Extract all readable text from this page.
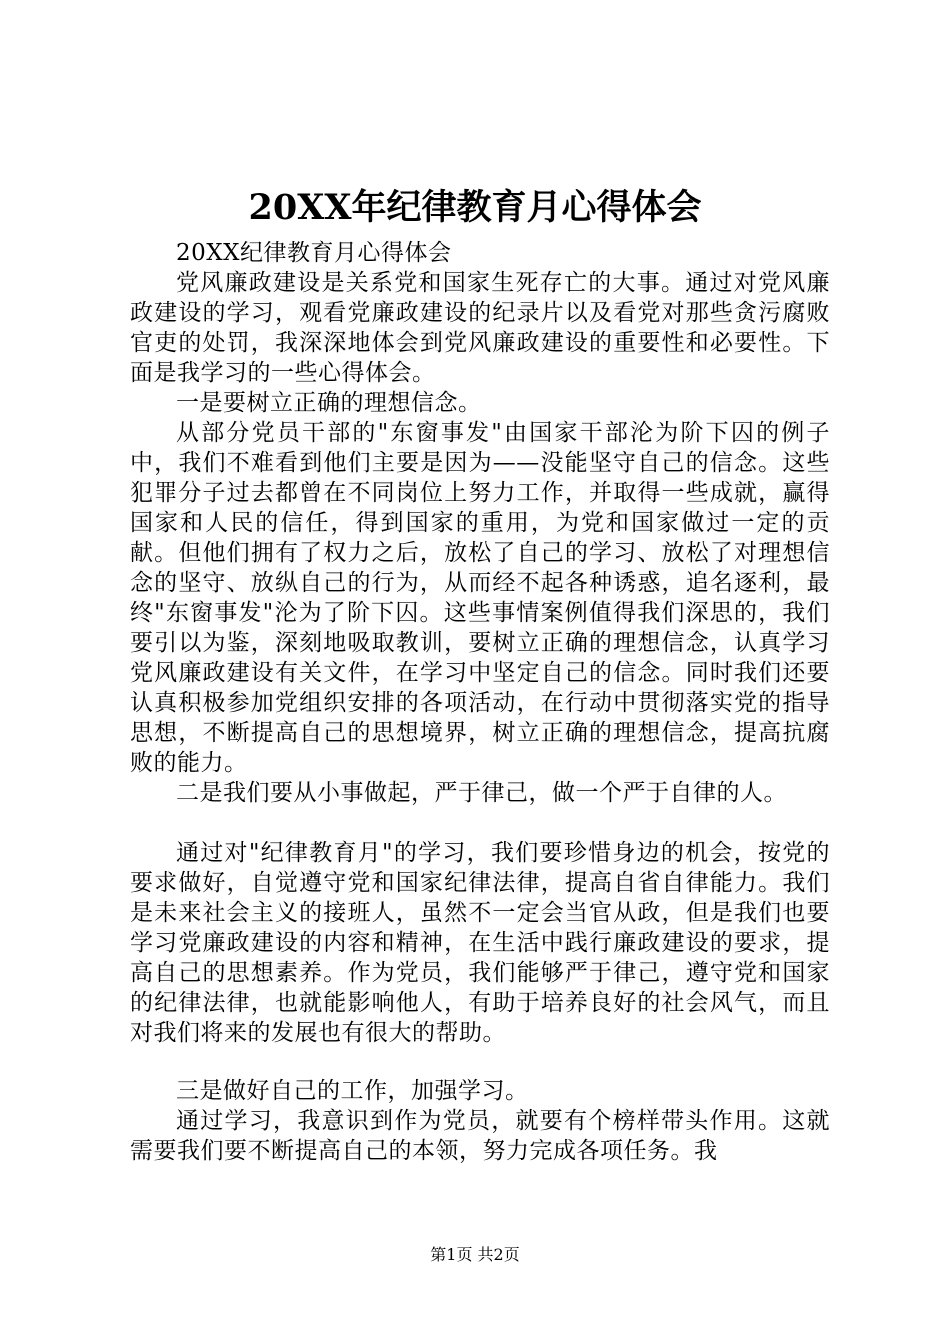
20XX年纪律教育月心得体会

20XX纪律教育月心得体会

党风廉政建设是关系党和国家生死存亡的大事。通过对党风廉政建设的学习，观看党廉政建设的纪录片以及看党对那些贪污腐败官吏的处罚，我深深地体会到党风廉政建设的重要性和必要性。下面是我学习的一些心得体会。

一是要树立正确的理想信念。

从部分党员干部的"东窗事发"由国家干部沦为阶下囚的例子中，我们不难看到他们主要是因为——没能坚守自己的信念。这些犯罪分子过去都曾在不同岗位上努力工作，并取得一些成就，赢得国家和人民的信任，得到国家的重用，为党和国家做过一定的贡献。但他们拥有了权力之后，放松了自己的学习、放松了对理想信念的坚守、放纵自己的行为，从而经不起各种诱惑，追名逐利，最终"东窗事发"沦为了阶下囚。这些事情案例值得我们深思的，我们要引以为鉴，深刻地吸取教训，要树立正确的理想信念，认真学习党风廉政建设有关文件，在学习中坚定自己的信念。同时我们还要认真积极参加党组织安排的各项活动，在行动中贯彻落实党的指导思想，不断提高自己的思想境界，树立正确的理想信念，提高抗腐败的能力。

二是我们要从小事做起，严于律己，做一个严于自律的人。

通过对"纪律教育月"的学习，我们要珍惜身边的机会，按党的要求做好，自觉遵守党和国家纪律法律，提高自省自律能力。我们是未来社会主义的接班人，虽然不一定会当官从政，但是我们也要学习党廉政建设的内容和精神，在生活中践行廉政建设的要求，提高自己的思想素养。作为党员，我们能够严于律己，遵守党和国家的纪律法律，也就能影响他人，有助于培养良好的社会风气，而且对我们将来的发展也有很大的帮助。

三是做好自己的工作，加强学习。

通过学习，我意识到作为党员，就要有个榜样带头作用。这就需要我们要不断提高自己的本领，努力完成各项任务。我

第1页 共2页
